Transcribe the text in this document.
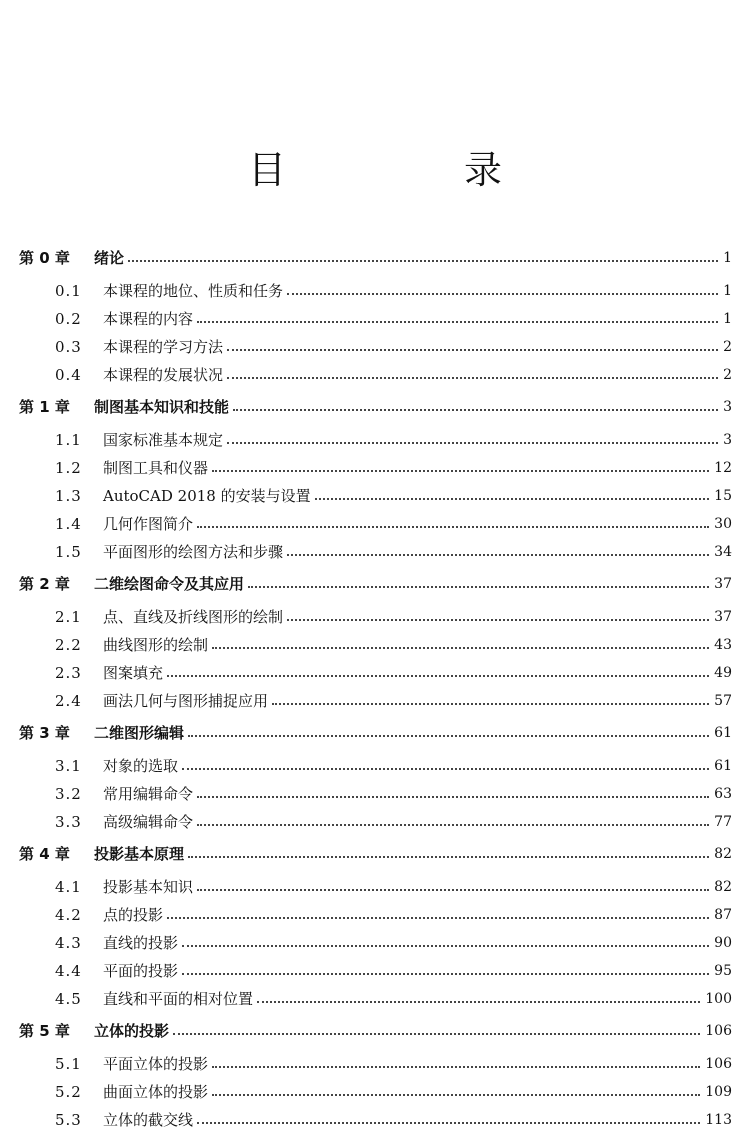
目　录
第 0 章	绪论	1
0.1	本课程的地位、性质和任务	1
0.2	本课程的内容	1
0.3	本课程的学习方法	2
0.4	本课程的发展状况	2
第 1 章	制图基本知识和技能	3
1.1	国家标准基本规定	3
1.2	制图工具和仪器	12
1.3	AutoCAD 2018 的安装与设置	15
1.4	几何作图简介	30
1.5	平面图形的绘图方法和步骤	34
第 2 章	二维绘图命令及其应用	37
2.1	点、直线及折线图形的绘制	37
2.2	曲线图形的绘制	43
2.3	图案填充	49
2.4	画法几何与图形捕捉应用	57
第 3 章	二维图形编辑	61
3.1	对象的选取	61
3.2	常用编辑命令	63
3.3	高级编辑命令	77
第 4 章	投影基本原理	82
4.1	投影基本知识	82
4.2	点的投影	87
4.3	直线的投影	90
4.4	平面的投影	95
4.5	直线和平面的相对位置	100
第 5 章	立体的投影	106
5.1	平面立体的投影	106
5.2	曲面立体的投影	109
5.3	立体的截交线	113
